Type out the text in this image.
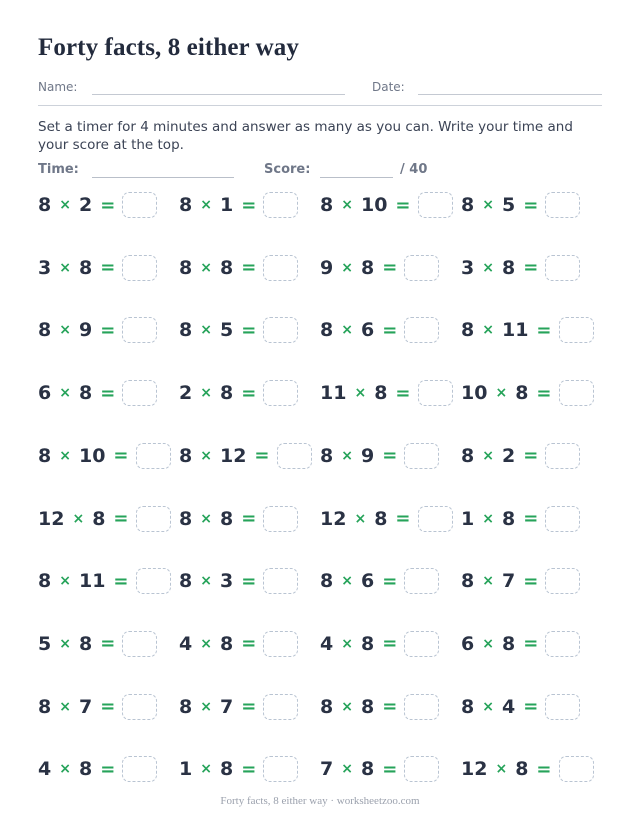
Forty facts, 8 either way
Name:	Date:
Set a timer for 4 minutes and answer as many as you can. Write your time and your score at the top.
Time:	Score:	/ 40
8 × 2 =	8 × 1 =	8 × 10 =	8 × 5 =
3 × 8 =	8 × 8 =	9 × 8 =	3 × 8 =
8 × 9 =	8 × 5 =	8 × 6 =	8 × 11 =
6 × 8 =	2 × 8 =	11 × 8 =	10 × 8 =
8 × 10 =	8 × 12 =	8 × 9 =	8 × 2 =
12 × 8 =	8 × 8 =	12 × 8 =	1 × 8 =
8 × 11 =	8 × 3 =	8 × 6 =	8 × 7 =
5 × 8 =	4 × 8 =	4 × 8 =	6 × 8 =
8 × 7 =	8 × 7 =	8 × 8 =	8 × 4 =
4 × 8 =	1 × 8 =	7 × 8 =	12 × 8 =
Forty facts, 8 either way · worksheetzoo.com
